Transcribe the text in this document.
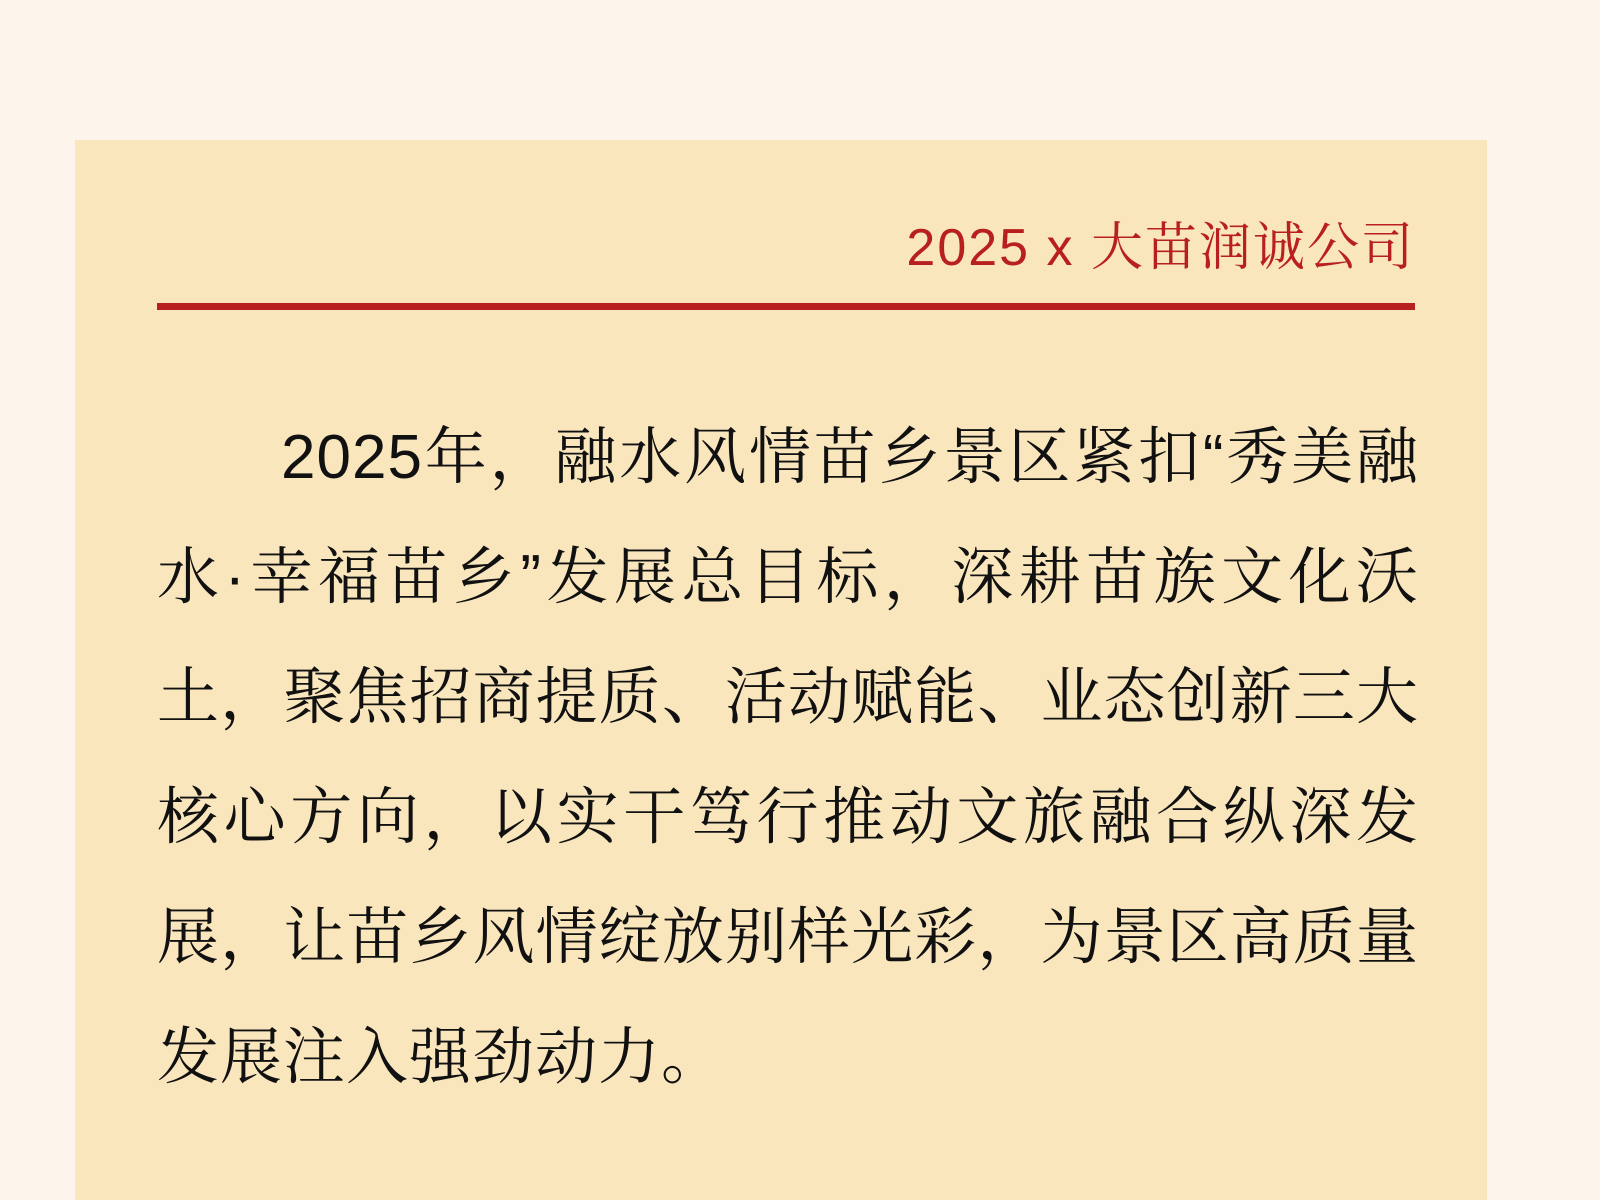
2025 x 大苗润诚公司
2025年，融水风情苗乡景区紧扣“秀美融水·幸福苗乡”发展总目标，深耕苗族文化沃土，聚焦招商提质、活动赋能、业态创新三大核心方向，以实干笃行推动文旅融合纵深发展，让苗乡风情绽放别样光彩，为景区高质量发展注入强劲动力。
